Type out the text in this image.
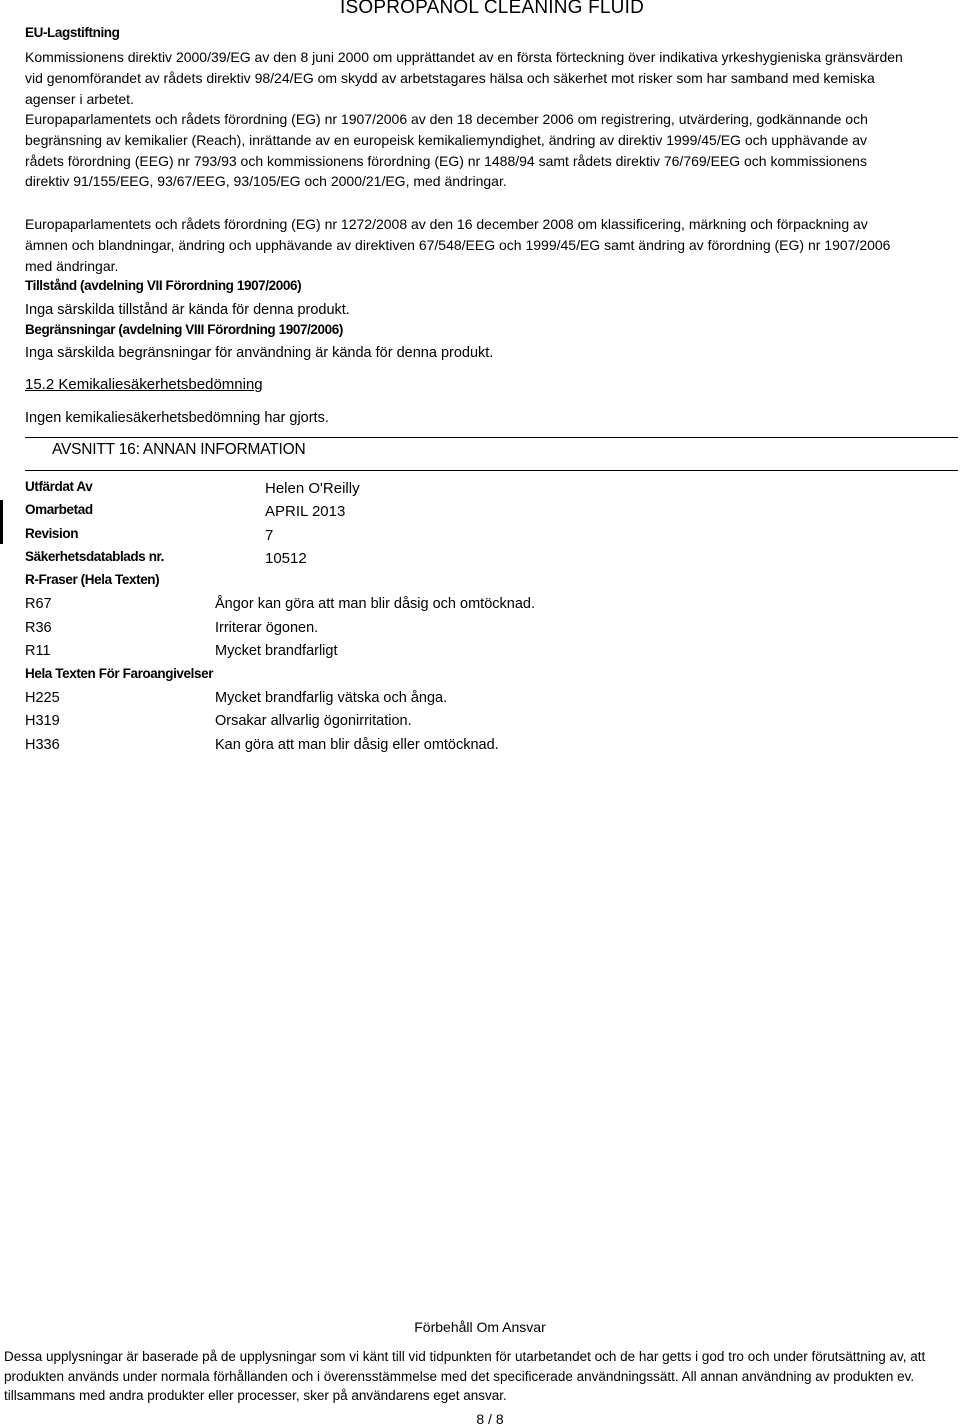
ISOPROPANOL CLEANING FLUID
EU-Lagstiftning
Kommissionens direktiv 2000/39/EG av den 8 juni 2000 om upprättandet av en första förteckning över indikativa yrkeshygieniska gränsvärden vid genomförandet av rådets direktiv 98/24/EG om skydd av arbetstagares hälsa och säkerhet mot risker som har samband med kemiska agenser i arbetet.
Europaparlamentets och rådets förordning (EG) nr 1907/2006 av den 18 december 2006 om registrering, utvärdering, godkännande och begränsning av kemikalier (Reach), inrättande av en europeisk kemikaliemyndighet, ändring av direktiv 1999/45/EG och upphävande av rådets förordning (EEG) nr 793/93 och kommissionens förordning (EG) nr 1488/94 samt rådets direktiv 76/769/EEG och kommissionens direktiv 91/155/EEG, 93/67/EEG, 93/105/EG och 2000/21/EG, med ändringar.
Europaparlamentets och rådets förordning (EG) nr 1272/2008 av den 16 december 2008 om klassificering, märkning och förpackning av ämnen och blandningar, ändring och upphävande av direktiven 67/548/EEG och 1999/45/EG samt ändring av förordning (EG) nr 1907/2006 med ändringar.
Tillstånd (avdelning VII Förordning 1907/2006)
Inga särskilda tillstånd är kända för denna produkt.
Begränsningar (avdelning VIII Förordning 1907/2006)
Inga särskilda begränsningar för användning är kända för denna produkt.
15.2 Kemikaliesäkerhetsbedömning
Ingen kemikaliesäkerhetsbedömning har gjorts.
AVSNITT 16: ANNAN INFORMATION
Utfärdat Av	Helen O'Reilly
Omarbetad	APRIL 2013
Revision	7
Säkerhetsdatablads nr.	10512
R-Fraser (Hela Texten)
R67	Ångor kan göra att man blir dåsig och omtöcknad.
R36	Irriterar ögonen.
R11	Mycket brandfarligt
Hela Texten För Faroangivelser
H225	Mycket brandfarlig vätska och ånga.
H319	Orsakar allvarlig ögonirritation.
H336	Kan göra att man blir dåsig eller omtöcknad.
Förbehåll Om Ansvar
Dessa upplysningar är baserade på de upplysningar som vi känt till vid tidpunkten för utarbetandet och de har getts i god tro och under förutsättning av, att produkten används under normala förhållanden och i överensstämmelse med det specificerade användningssätt. All annan användning av produkten ev. tillsammans med andra produkter eller processer, sker på användarens eget ansvar.
8 / 8
